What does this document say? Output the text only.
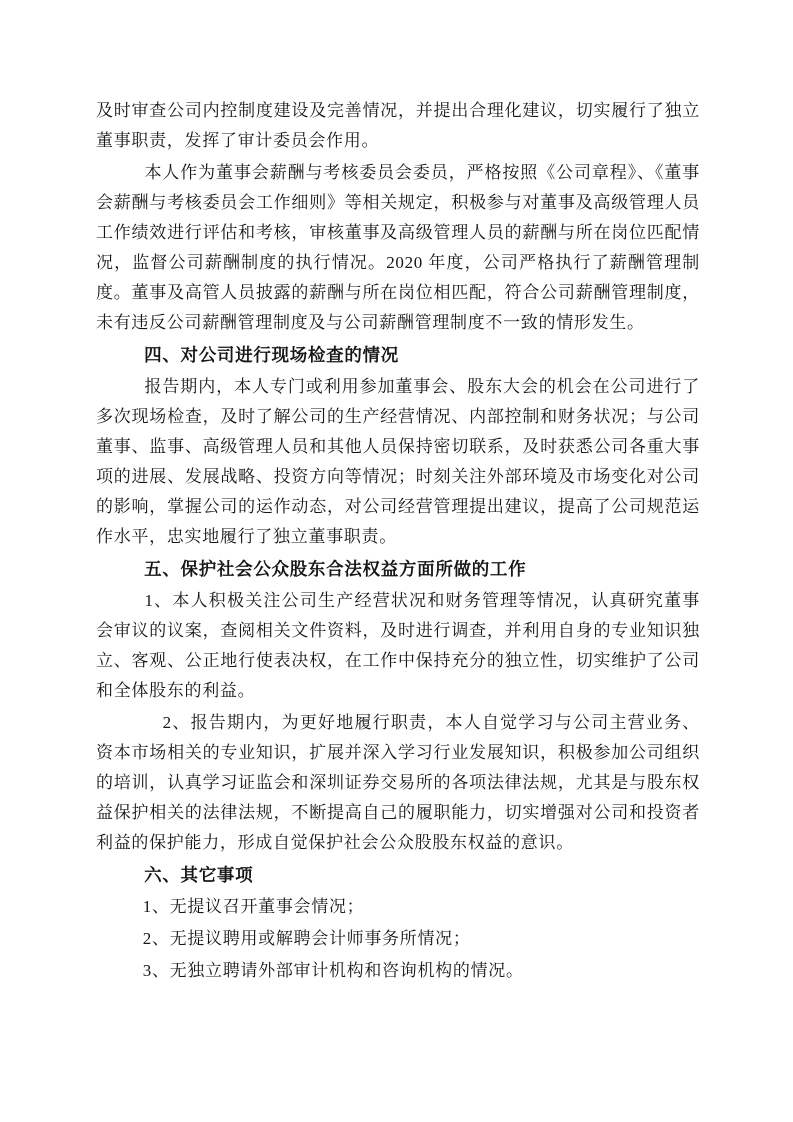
及时审查公司内控制度建设及完善情况，并提出合理化建议，切实履行了独立董事职责，发挥了审计委员会作用。

本人作为董事会薪酬与考核委员会委员，严格按照《公司章程》、《董事会薪酬与考核委员会工作细则》等相关规定，积极参与对董事及高级管理人员工作绩效进行评估和考核，审核董事及高级管理人员的薪酬与所在岗位匹配情况，监督公司薪酬制度的执行情况。2020 年度，公司严格执行了薪酬管理制度。董事及高管人员披露的薪酬与所在岗位相匹配，符合公司薪酬管理制度，未有违反公司薪酬管理制度及与公司薪酬管理制度不一致的情形发生。

四、对公司进行现场检查的情况

报告期内，本人专门或利用参加董事会、股东大会的机会在公司进行了多次现场检查，及时了解公司的生产经营情况、内部控制和财务状况；与公司董事、监事、高级管理人员和其他人员保持密切联系，及时获悉公司各重大事项的进展、发展战略、投资方向等情况；时刻关注外部环境及市场变化对公司的影响，掌握公司的运作动态，对公司经营管理提出建议，提高了公司规范运作水平，忠实地履行了独立董事职责。

五、保护社会公众股东合法权益方面所做的工作

1、本人积极关注公司生产经营状况和财务管理等情况，认真研究董事会审议的议案，查阅相关文件资料，及时进行调查，并利用自身的专业知识独立、客观、公正地行使表决权，在工作中保持充分的独立性，切实维护了公司和全体股东的利益。

　2、报告期内，为更好地履行职责，本人自觉学习与公司主营业务、资本市场相关的专业知识，扩展并深入学习行业发展知识，积极参加公司组织的培训，认真学习证监会和深圳证券交易所的各项法律法规，尤其是与股东权益保护相关的法律法规，不断提高自己的履职能力，切实增强对公司和投资者利益的保护能力，形成自觉保护社会公众股股东权益的意识。

六、其它事项

1、无提议召开董事会情况；

2、无提议聘用或解聘会计师事务所情况；

3、无独立聘请外部审计机构和咨询机构的情况。
